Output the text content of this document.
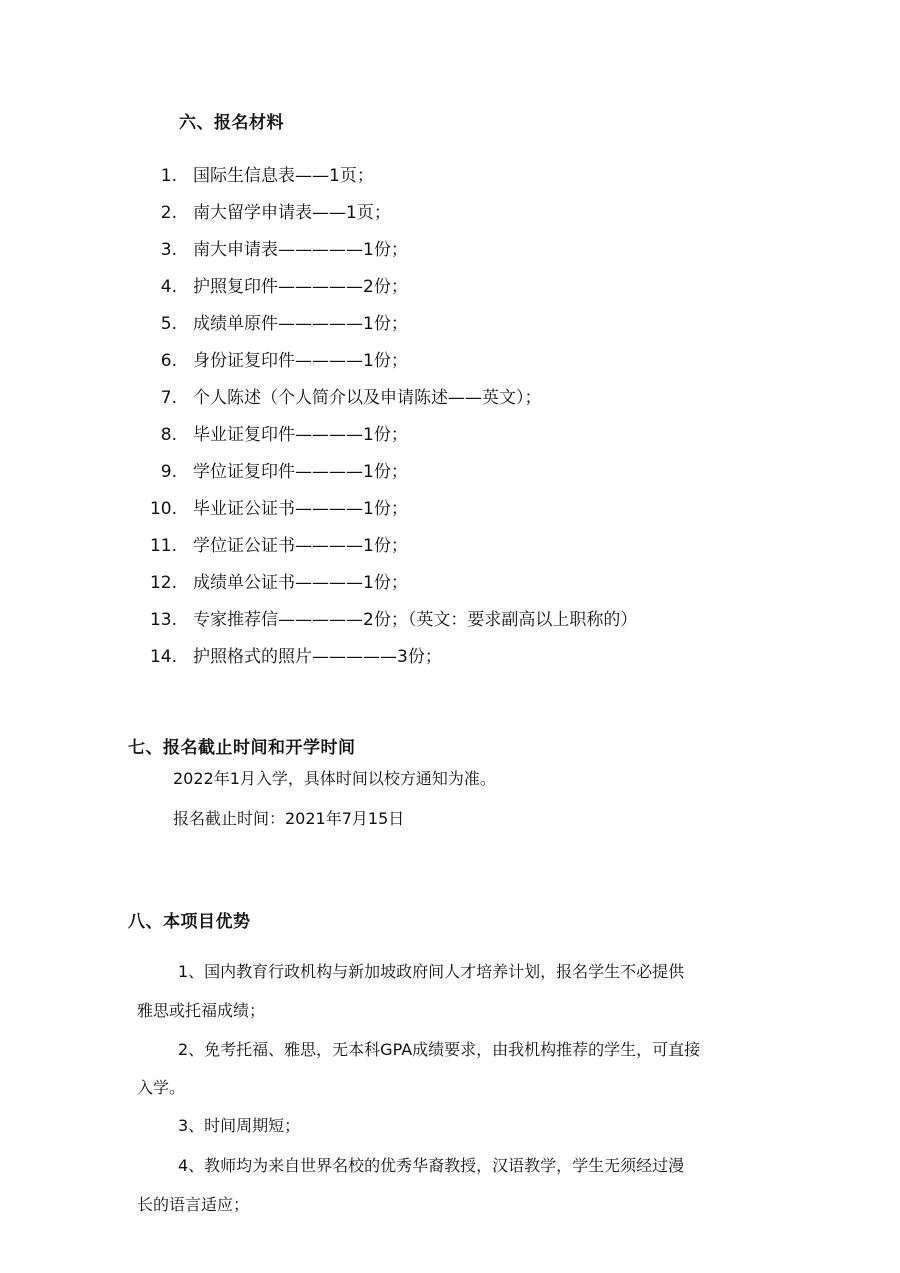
六、报名材料
1. 国际生信息表——1页；
2. 南大留学申请表——1页；
3. 南大申请表—————1份；
4. 护照复印件—————2份；
5. 成绩单原件—————1份；
6. 身份证复印件————1份；
7. 个人陈述（个人简介以及申请陈述——英文）；
8. 毕业证复印件————1份；
9. 学位证复印件————1份；
10. 毕业证公证书————1份；
11. 学位证公证书————1份；
12. 成绩单公证书————1份；
13. 专家推荐信—————2份；（英文：要求副高以上职称的）
14. 护照格式的照片—————3份；
七、报名截止时间和开学时间
2022年1月入学，具体时间以校方通知为准。
报名截止时间：2021年7月15日
八、本项目优势
1、国内教育行政机构与新加坡政府间人才培养计划，报名学生不必提供
雅思或托福成绩；
2、免考托福、雅思，无本科GPA成绩要求，由我机构推荐的学生，可直接
入学。
3、时间周期短；
4、教师均为来自世界名校的优秀华裔教授，汉语教学，学生无须经过漫
长的语言适应；
